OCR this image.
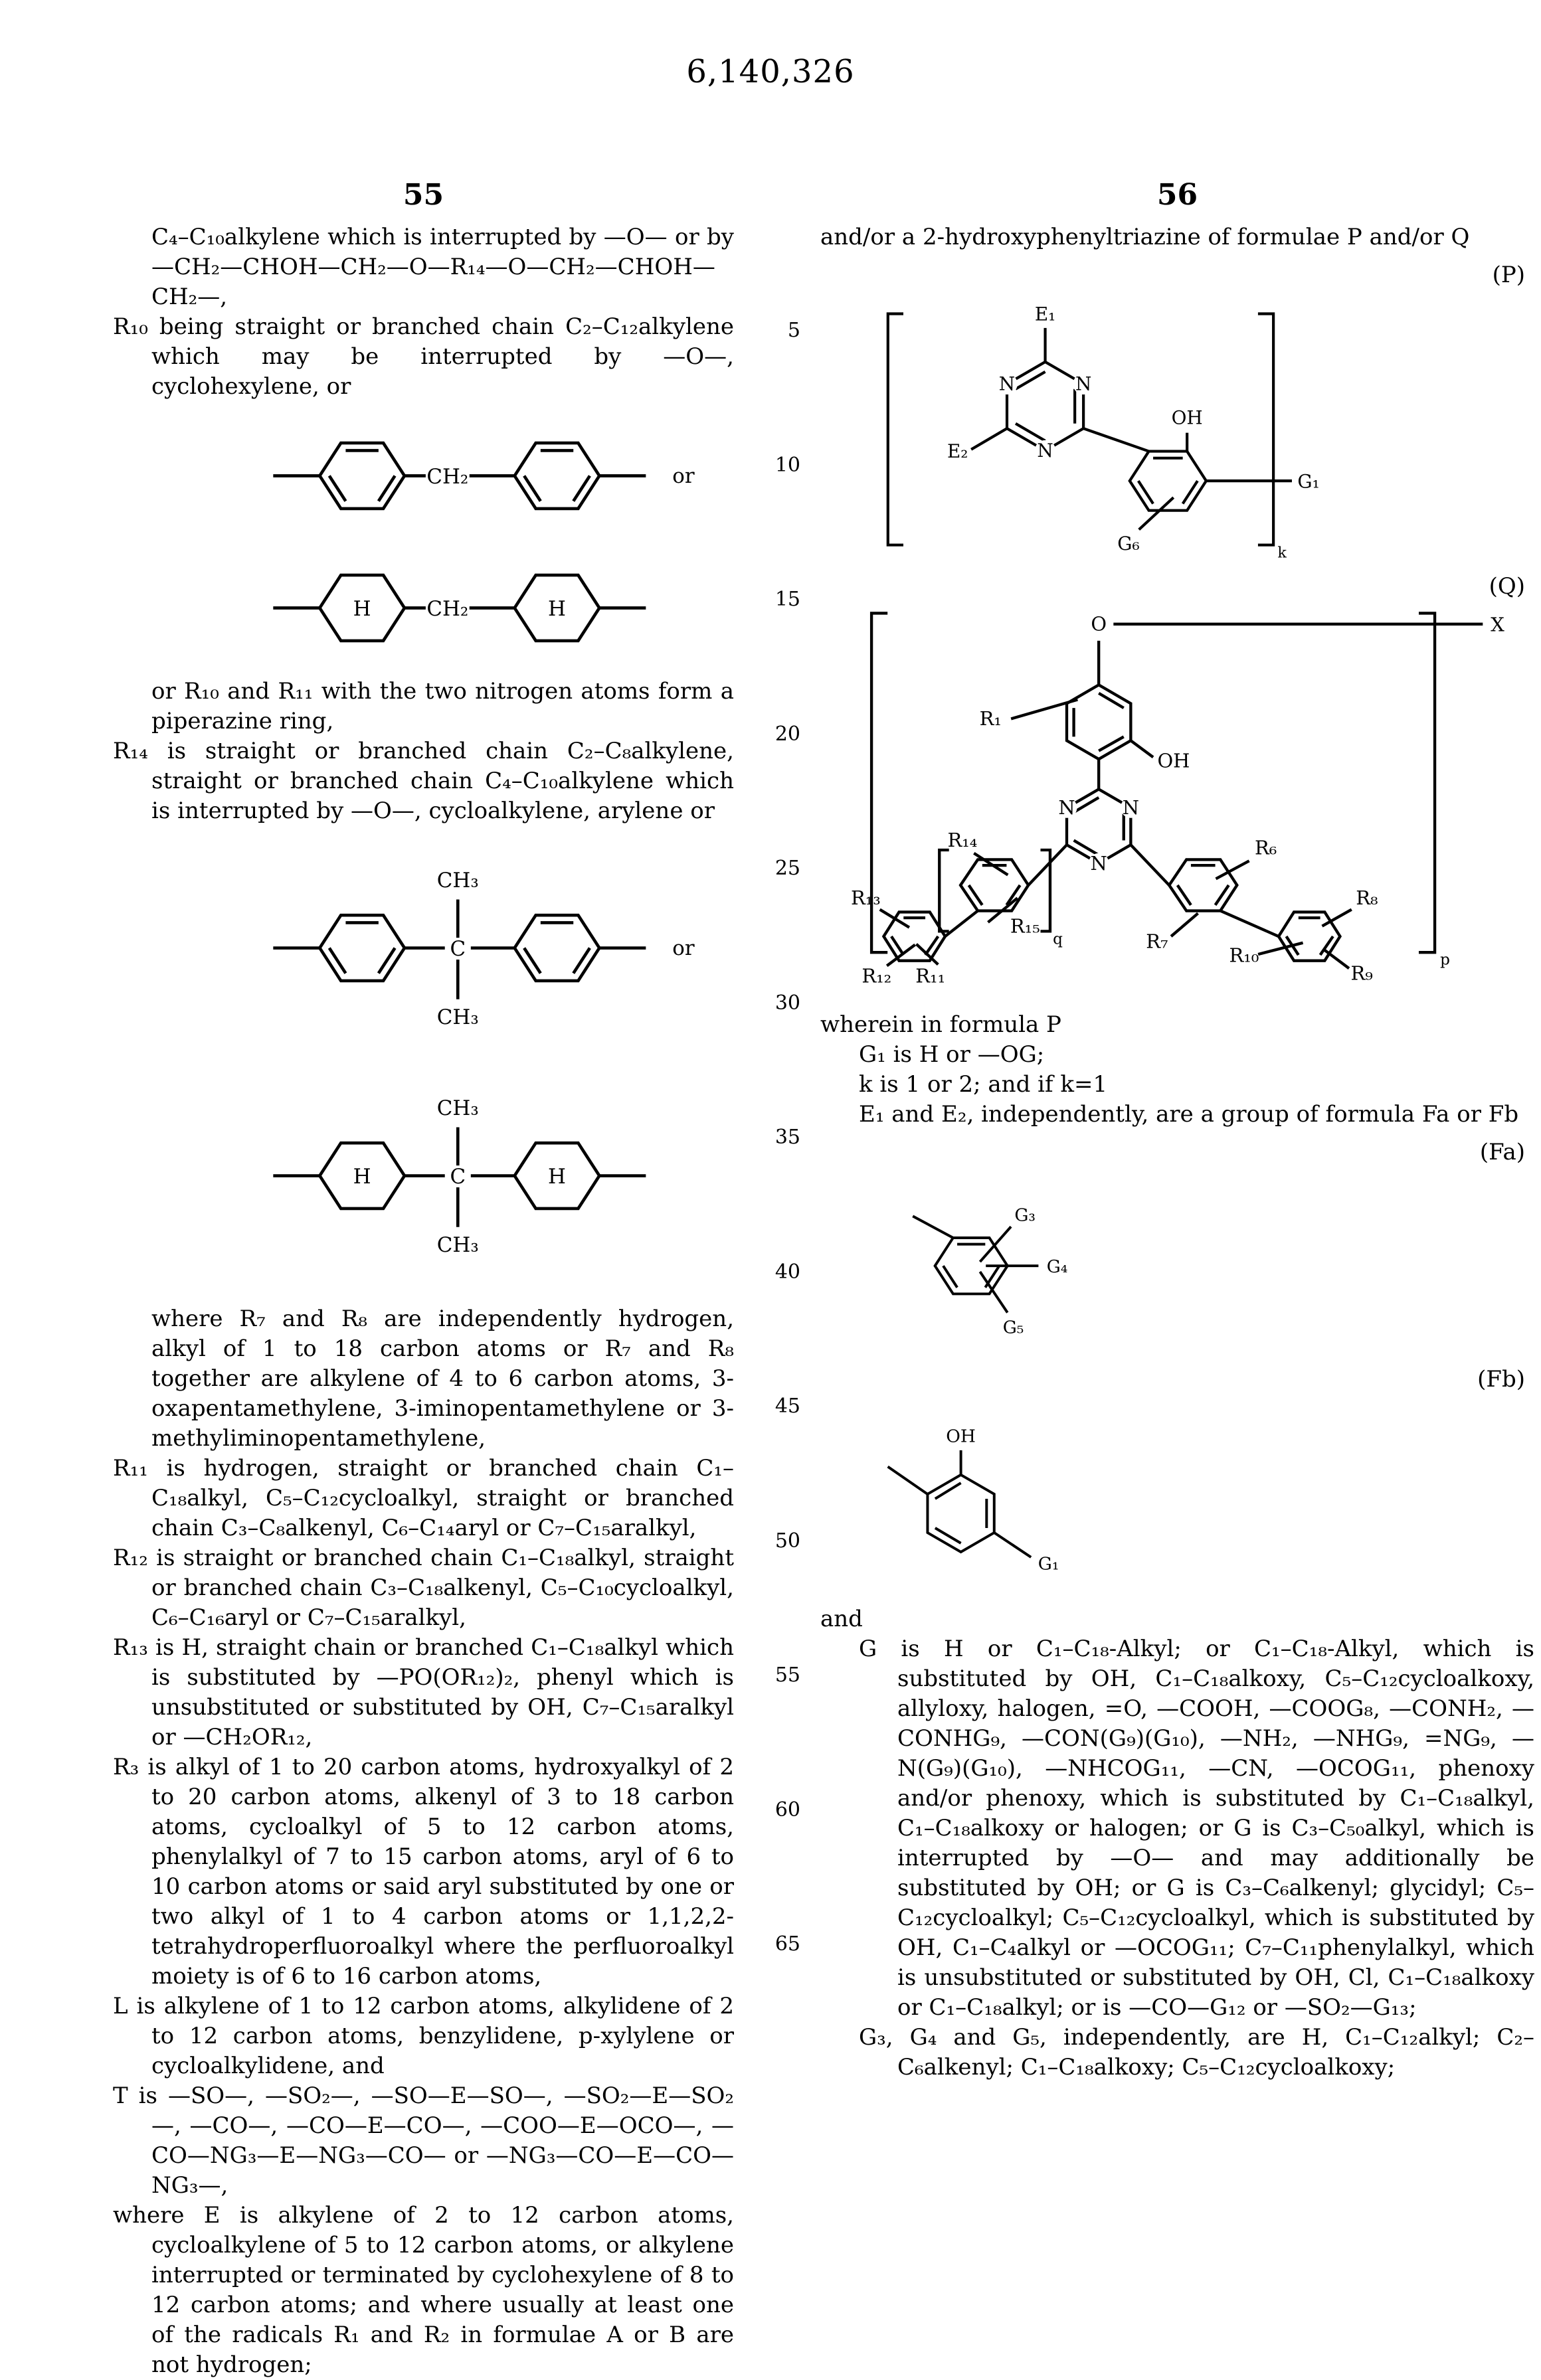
6,140,326
5
10
15
20
25
30
35
40
45
50
55
60
65
55

C₄–C₁₀alkylene which is interrupted by —O— or by —CH₂—CHOH—CH₂—O—R₁₄—O—CH₂—CHOH—CH₂—,

R₁₀ being straight or branched chain C₂–C₁₂alkylene which may be interrupted by —O—, cyclohexylene, or

CH₂	or
H	CH₂	H

or R₁₀ and R₁₁ with the two nitrogen atoms form a piperazine ring,

R₁₄ is straight or branched chain C₂–C₈alkylene, straight or branched chain C₄–C₁₀alkylene which is interrupted by —O—, cycloalkylene, arylene or

C
CH₃
CH₃
or
H	C
CH₃
CH₃
H

where R₇ and R₈ are independently hydrogen, alkyl of 1 to 18 carbon atoms or R₇ and R₈ together are alkylene of 4 to 6 carbon atoms, 3-oxapentamethylene, 3-iminopentamethylene or 3-methyliminopentamethylene,

R₁₁ is hydrogen, straight or branched chain C₁–C₁₈alkyl, C₅–C₁₂cycloalkyl, straight or branched chain C₃–C₈alkenyl, C₆–C₁₄aryl or C₇–C₁₅aralkyl,

R₁₂ is straight or branched chain C₁–C₁₈alkyl, straight or branched chain C₃–C₁₈alkenyl, C₅–C₁₀cycloalkyl, C₆–C₁₆aryl or C₇–C₁₅aralkyl,

R₁₃ is H, straight chain or branched C₁–C₁₈alkyl which is substituted by —PO(OR₁₂)₂, phenyl which is unsubstituted or substituted by OH, C₇–C₁₅aralkyl or —CH₂OR₁₂,

R₃ is alkyl of 1 to 20 carbon atoms, hydroxyalkyl of 2 to 20 carbon atoms, alkenyl of 3 to 18 carbon atoms, cycloalkyl of 5 to 12 carbon atoms, phenylalkyl of 7 to 15 carbon atoms, aryl of 6 to 10 carbon atoms or said aryl substituted by one or two alkyl of 1 to 4 carbon atoms or 1,1,2,2-tetrahydroperfluoroalkyl where the perfluoroalkyl moiety is of 6 to 16 carbon atoms,

L is alkylene of 1 to 12 carbon atoms, alkylidene of 2 to 12 carbon atoms, benzylidene, p-xylylene or cycloalkylidene, and

T is —SO—, —SO₂—, —SO—E—SO—, —SO₂—E—SO₂—, —CO—, —CO—E—CO—, —COO—E—OCO—, —CO—NG₃—E—NG₃—CO— or —NG₃—CO—E—CO—NG₃—,

where E is alkylene of 2 to 12 carbon atoms, cycloalkylene of 5 to 12 carbon atoms, or alkylene interrupted or terminated by cyclohexylene of 8 to 12 carbon atoms; and where usually at least one of the radicals R₁ and R₂ in formulae A or B are not hydrogen;

56

and/or a 2-hydroxyphenyltriazine of formulae P and/or Q

(P)
k
N	N
N
E₁
E₂
OH
G₁
G₆
(Q)
p
O	X
R₁
OH
N N
N
q
R₁₄
R₁₅
R₁₃
R₁₂ R₁₁
R₆
R₇
R₈
R₁₀
R₉

wherein in formula P

G₁ is H or —OG;

k is 1 or 2; and if k=1

E₁ and E₂, independently, are a group of formula Fa or Fb

(Fa)
G₃
G₄
G₅
(Fb)
OH
G₁

and

G is H or C₁–C₁₈-Alkyl; or C₁–C₁₈-Alkyl, which is substituted by OH, C₁–C₁₈alkoxy, C₅–C₁₂cycloalkoxy, allyloxy, halogen, =O, —COOH, —COOG₈, —CONH₂, —CONHG₉, —CON(G₉)(G₁₀), —NH₂, —NHG₉, =NG₉, —N(G₉)(G₁₀), —NHCOG₁₁, —CN, —OCOG₁₁, phenoxy and/or phenoxy, which is substituted by C₁–C₁₈alkyl, C₁–C₁₈alkoxy or halogen; or G is C₃–C₅₀alkyl, which is interrupted by —O— and may additionally be substituted by OH; or G is C₃–C₆alkenyl; glycidyl; C₅–C₁₂cycloalkyl; C₅–C₁₂cycloalkyl, which is substituted by OH, C₁–C₄alkyl or —OCOG₁₁; C₇–C₁₁phenylalkyl, which is unsubstituted or substituted by OH, Cl, C₁–C₁₈alkoxy or C₁–C₁₈alkyl; or is —CO—G₁₂ or —SO₂—G₁₃;

G₃, G₄ and G₅, independently, are H, C₁–C₁₂alkyl; C₂–C₆alkenyl; C₁–C₁₈alkoxy; C₅–C₁₂cycloalkoxy;
